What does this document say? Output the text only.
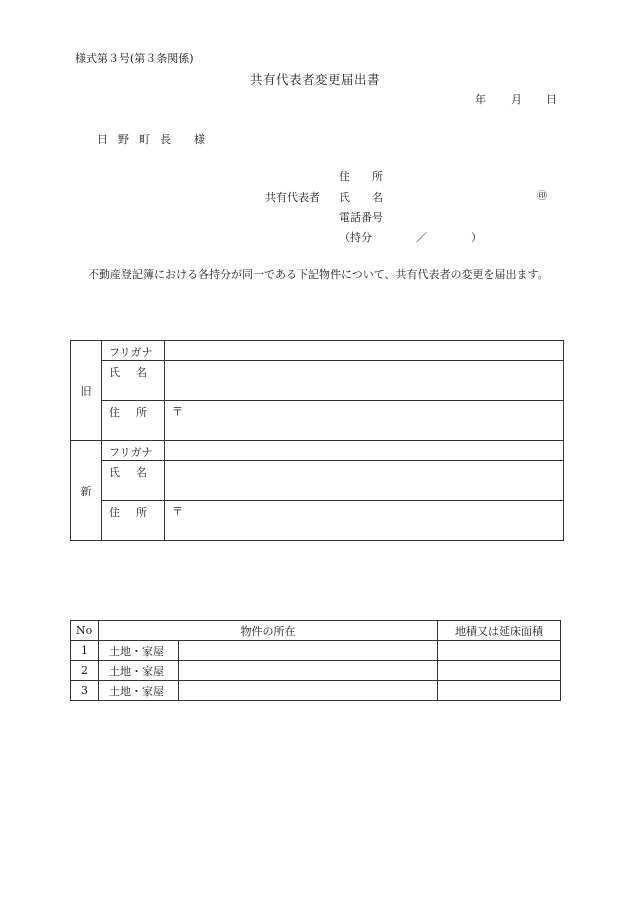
様式第３号(第３条関係)
共有代表者変更届出書
年 月 日
日 野 町 長 様
共有代表者
住　　所
氏　　名
電話番号
（持分　　　　／　　　　）
㊞
不動産登記簿における各持分が同一である下記物件について、共有代表者の変更を届出ます。
旧	フリガナ	

	氏 名	

	住 所	〒
新	フリガナ	

	氏 名	

	住 所	〒
No	物件の所在		地積又は延床面積
1	土地・家屋		
2	土地・家屋		
3	土地・家屋		
